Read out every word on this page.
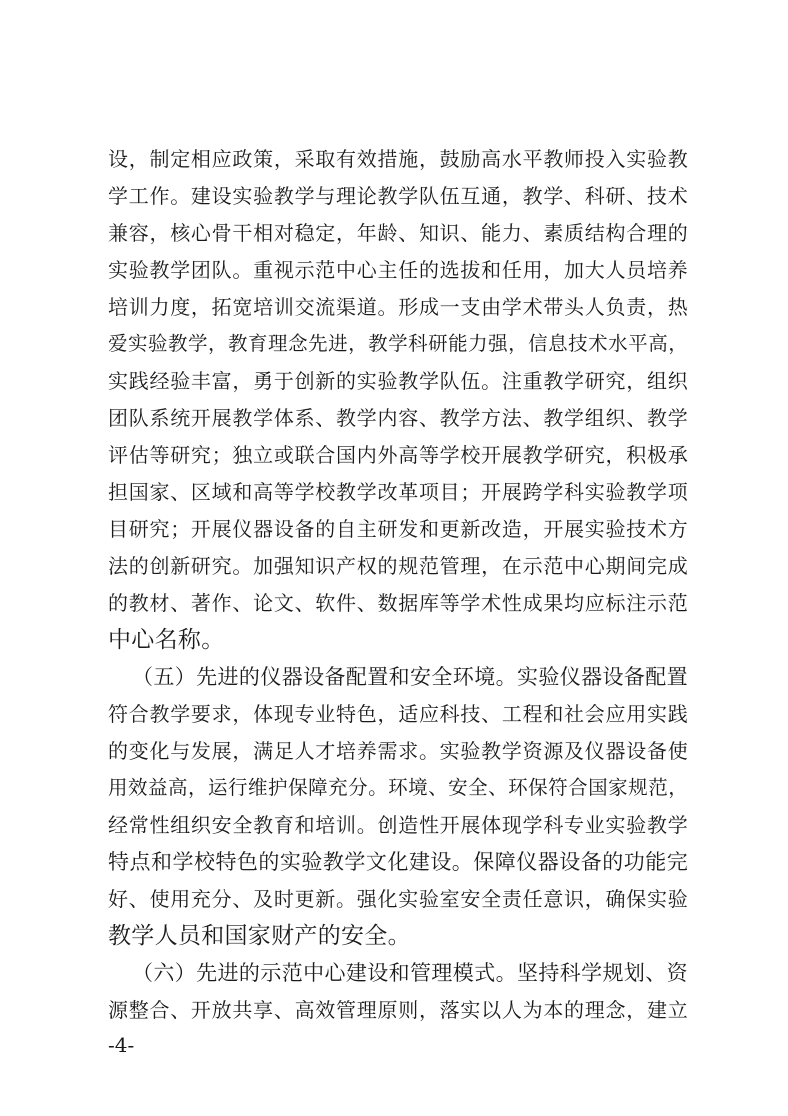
设，制定相应政策，采取有效措施，鼓励高水平教师投入实验教

学工作。建设实验教学与理论教学队伍互通，教学、科研、技术

兼容，核心骨干相对稳定，年龄、知识、能力、素质结构合理的

实验教学团队。重视示范中心主任的选拔和任用，加大人员培养

培训力度，拓宽培训交流渠道。形成一支由学术带头人负责，热

爱实验教学，教育理念先进，教学科研能力强，信息技术水平高，

实践经验丰富，勇于创新的实验教学队伍。注重教学研究，组织

团队系统开展教学体系、教学内容、教学方法、教学组织、教学

评估等研究；独立或联合国内外高等学校开展教学研究，积极承

担国家、区域和高等学校教学改革项目；开展跨学科实验教学项

目研究；开展仪器设备的自主研发和更新改造，开展实验技术方

法的创新研究。加强知识产权的规范管理，在示范中心期间完成

的教材、著作、论文、软件、数据库等学术性成果均应标注示范

中心名称。

（五）先进的仪器设备配置和安全环境。实验仪器设备配置

符合教学要求，体现专业特色，适应科技、工程和社会应用实践

的变化与发展，满足人才培养需求。实验教学资源及仪器设备使

用效益高，运行维护保障充分。环境、安全、环保符合国家规范，

经常性组织安全教育和培训。创造性开展体现学科专业实验教学

特点和学校特色的实验教学文化建设。保障仪器设备的功能完

好、使用充分、及时更新。强化实验室安全责任意识，确保实验

教学人员和国家财产的安全。

（六）先进的示范中心建设和管理模式。坚持科学规划、资

源整合、开放共享、高效管理原则，落实以人为本的理念，建立

-4-
